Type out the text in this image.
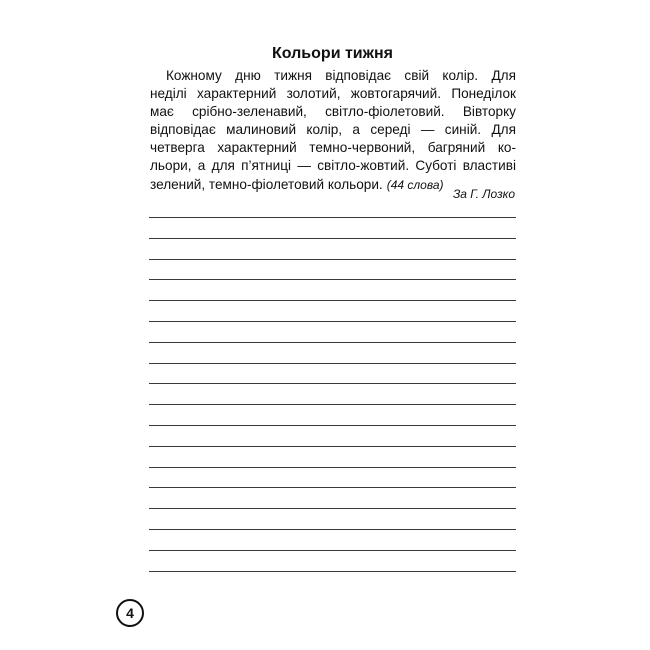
Кольори тижня
Кожному дню тижня відповідає свій колір. Для
неділі характерний золотий, жовтогарячий. Понеділок
має срібно-зеленавий, світло-фіолетовий. Вівторку
відповідає малиновий колір, а середі — синій. Для
четверга характерний темно-червоний, багряний ко-
льори, а для п’ятниці — світло-жовтий. Суботі властиві
зелений, темно-фіолетовий кольори. (44 слова)

За Г. Лозко

4
